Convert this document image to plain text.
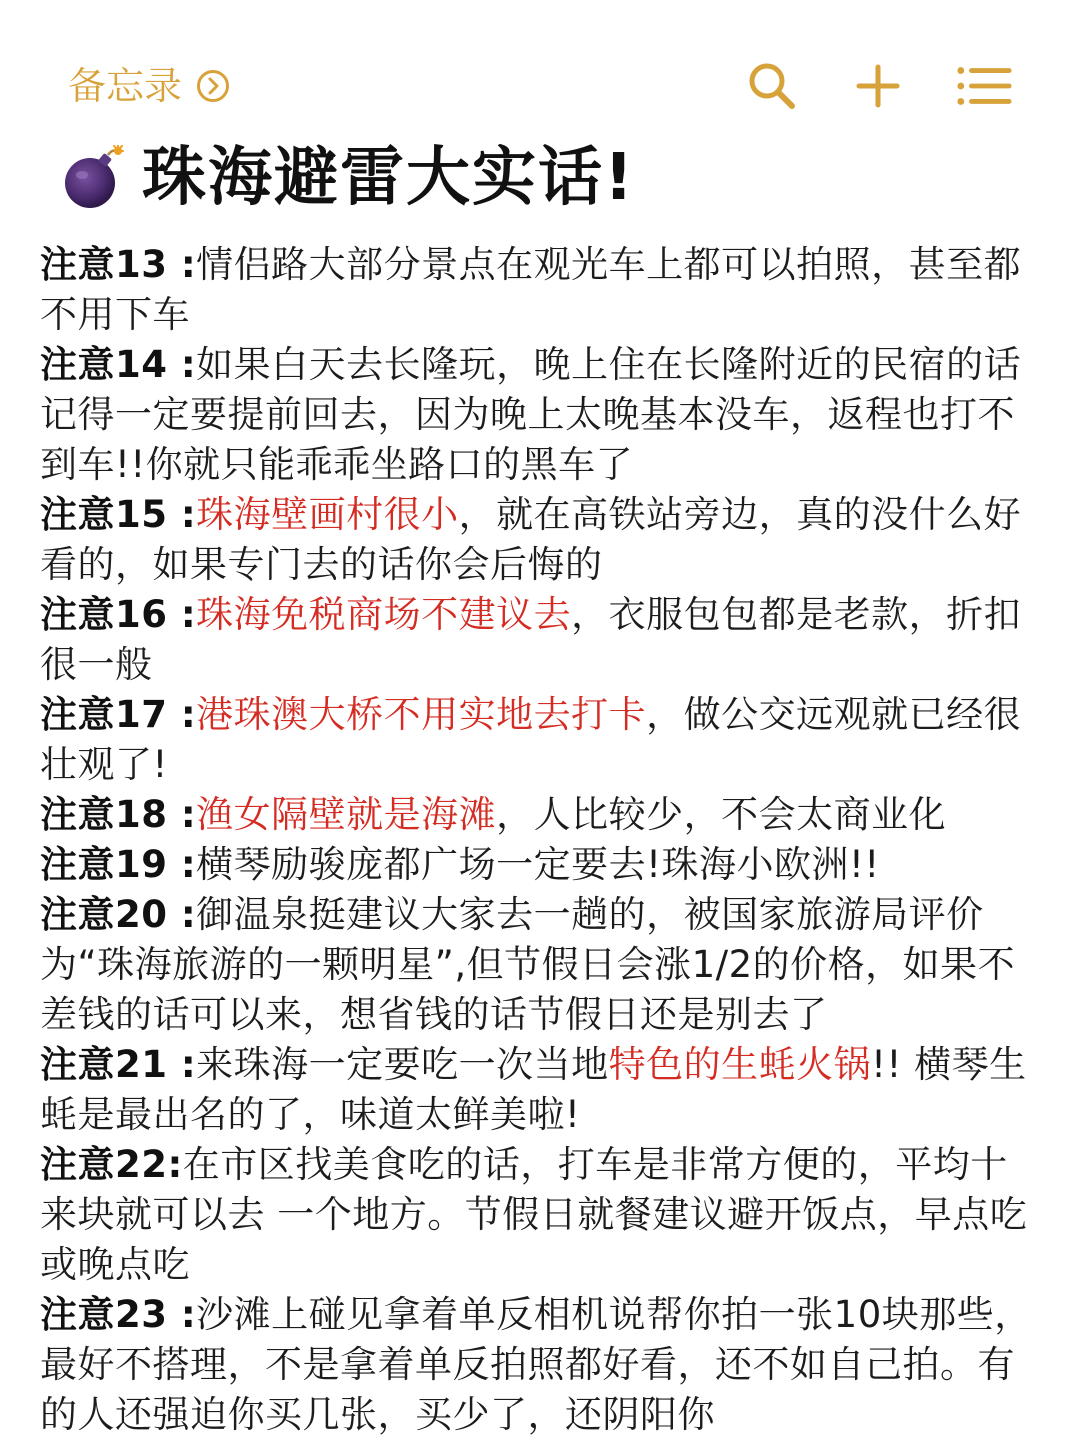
备忘录
珠海避雷大实话!

注意13 :情侣路大部分景点在观光车上都可以拍照，甚至都不用下车

注意14 :如果白天去长隆玩，晚上住在长隆附近的民宿的话记得一定要提前回去，因为晚上太晚基本没车，返程也打不到车!!你就只能乖乖坐路口的黑车了

注意15 :珠海壁画村很小，就在高铁站旁边，真的没什么好看的，如果专门去的话你会后悔的

注意16 :珠海免税商场不建议去，衣服包包都是老款，折扣很一般

注意17 :港珠澳大桥不用实地去打卡，做公交远观就已经很壮观了!

注意18 :渔女隔壁就是海滩，人比较少，不会太商业化

注意19 :横琴励骏庞都广场一定要去!珠海小欧洲!!

注意20 :御温泉挺建议大家去一趟的，被国家旅游局评价为“珠海旅游的一颗明星”,但节假日会涨1/2的价格，如果不差钱的话可以来，想省钱的话节假日还是别去了

注意21 :来珠海一定要吃一次当地特色的生蚝火锅!! 横琴生蚝是最出名的了，味道太鲜美啦!

注意22:在市区找美食吃的话，打车是非常方便的，平均十来块就可以去 一个地方。节假日就餐建议避开饭点，早点吃或晚点吃

注意23 :沙滩上碰见拿着单反相机说帮你拍一张10块那些，最好不搭理，不是拿着单反拍照都好看，还不如自己拍。有的人还强迫你买几张，买少了，还阴阳你
